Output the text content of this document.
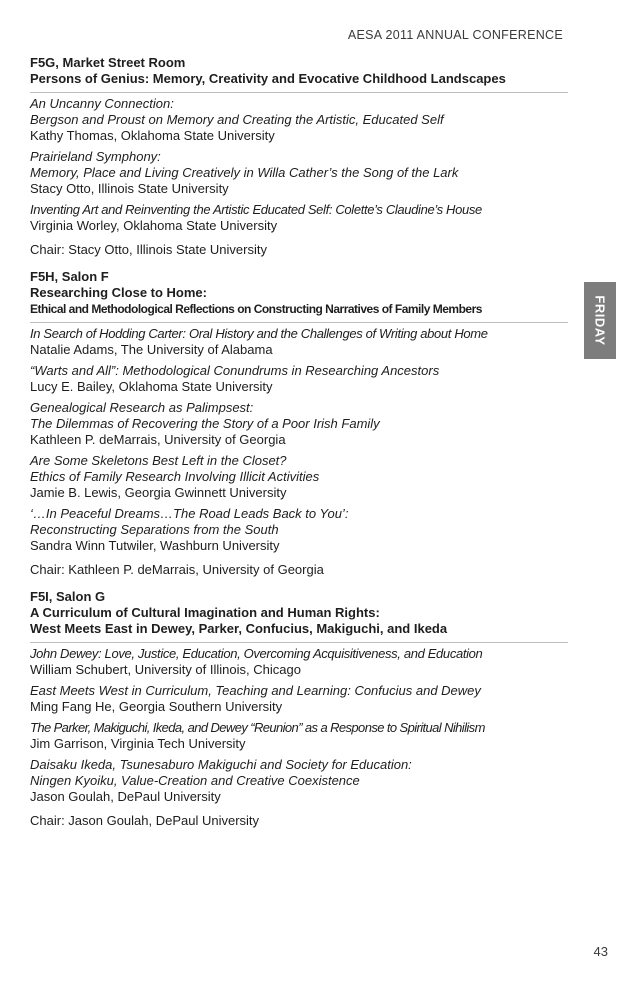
AESA 2011 ANNUAL CONFERENCE
F5G, Market Street Room
Persons of Genius: Memory, Creativity and Evocative Childhood Landscapes
An Uncanny Connection:
Bergson and Proust on Memory and Creating the Artistic, Educated Self
Kathy Thomas, Oklahoma State University
Prairieland Symphony:
Memory, Place and Living Creatively in Willa Cather’s the Song of the Lark
Stacy Otto, Illinois State University
Inventing Art and Reinventing the Artistic Educated Self: Colette’s Claudine’s House
Virginia Worley, Oklahoma State University
Chair: Stacy Otto, Illinois State University
F5H, Salon F
Researching Close to Home:
Ethical and Methodological Reflections on Constructing Narratives of Family Members
In Search of Hodding Carter: Oral History and the Challenges of Writing about Home
Natalie Adams, The University of Alabama
“Warts and All”: Methodological Conundrums in Researching Ancestors
Lucy E. Bailey, Oklahoma State University
Genealogical Research as Palimpsest:
The Dilemmas of Recovering the Story of a Poor Irish Family
Kathleen P. deMarrais, University of Georgia
Are Some Skeletons Best Left in the Closet?
Ethics of Family Research Involving Illicit Activities
Jamie B. Lewis, Georgia Gwinnett University
‘…In Peaceful Dreams…The Road Leads Back to You’:
Reconstructing Separations from the South
Sandra Winn Tutwiler, Washburn University
Chair: Kathleen P. deMarrais, University of Georgia
F5I, Salon G
A Curriculum of Cultural Imagination and Human Rights:
West Meets East in Dewey, Parker, Confucius, Makiguchi, and Ikeda
John Dewey: Love, Justice, Education, Overcoming Acquisitiveness, and Education
William Schubert, University of Illinois, Chicago
East Meets West in Curriculum, Teaching and Learning: Confucius and Dewey
Ming Fang He, Georgia Southern University
The Parker, Makiguchi, Ikeda, and Dewey “Reunion” as a Response to Spiritual Nihilism
Jim Garrison, Virginia Tech University
Daisaku Ikeda, Tsunesaburo Makiguchi and Society for Education:
Ningen Kyoiku, Value-Creation and Creative Coexistence
Jason Goulah, DePaul University
Chair: Jason Goulah, DePaul University
FRIDAY
43
